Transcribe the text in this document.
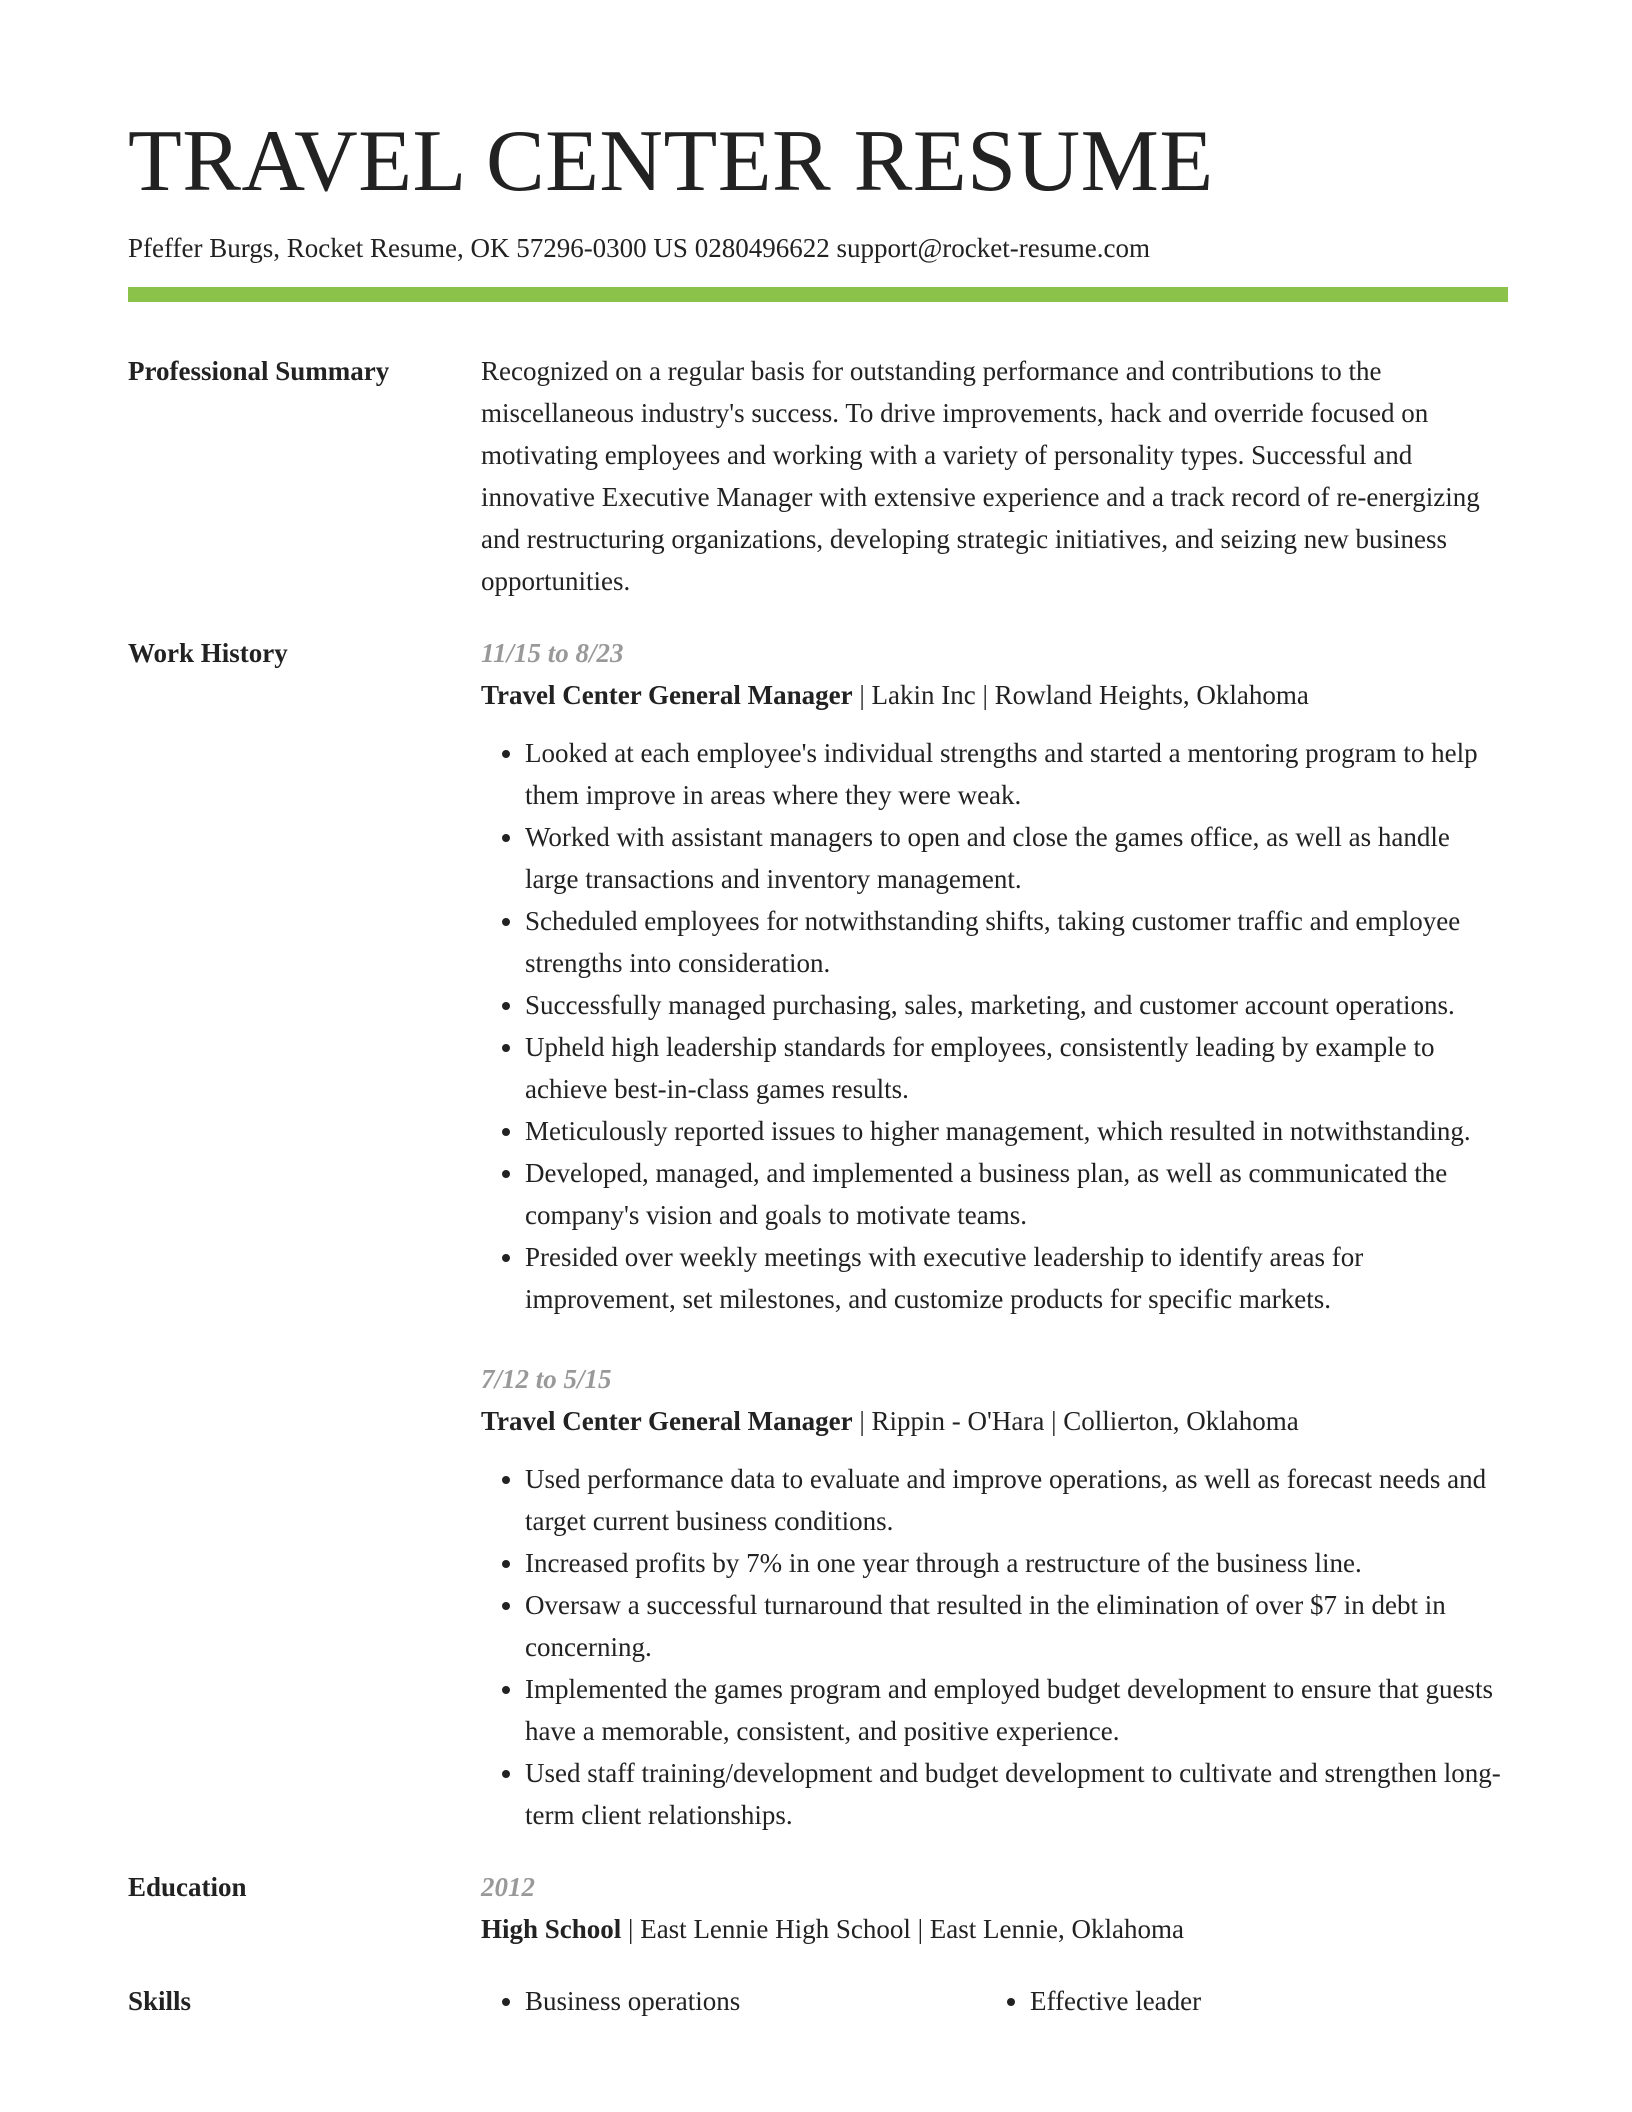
TRAVEL CENTER RESUME
Pfeffer Burgs, Rocket Resume, OK 57296-0300 US 0280496622 support@rocket-resume.com
Professional Summary	Recognized on a regular basis for outstanding performance and contributions to the miscellaneous industry's success. To drive improvements, hack and override focused on motivating employees and working with a variety of personality types. Successful and innovative Executive Manager with extensive experience and a track record of re-energizing and restructuring organizations, developing strategic initiatives, and seizing new business opportunities.

Work History	11/15 to 8/23
Travel Center General Manager | Lakin Inc | Rowland Heights, Oklahoma
• Looked at each employee's individual strengths and started a mentoring program to help them improve in areas where they were weak.
• Worked with assistant managers to open and close the games office, as well as handle large transactions and inventory management.
• Scheduled employees for notwithstanding shifts, taking customer traffic and employee strengths into consideration.
• Successfully managed purchasing, sales, marketing, and customer account operations.
• Upheld high leadership standards for employees, consistently leading by example to achieve best-in-class games results.
• Meticulously reported issues to higher management, which resulted in notwithstanding.
• Developed, managed, and implemented a business plan, as well as communicated the company's vision and goals to motivate teams.
• Presided over weekly meetings with executive leadership to identify areas for improvement, set milestones, and customize products for specific markets.
7/12 to 5/15
Travel Center General Manager | Rippin - O'Hara | Collierton, Oklahoma
• Used performance data to evaluate and improve operations, as well as forecast needs and target current business conditions.
• Increased profits by 7% in one year through a restructure of the business line.
• Oversaw a successful turnaround that resulted in the elimination of over $7 in debt in concerning.
• Implemented the games program and employed budget development to ensure that guests have a memorable, consistent, and positive experience.
• Used staff training/development and budget development to cultivate and strengthen long-term client relationships.
Education	2012
High School | East Lennie High School | East Lennie, Oklahoma
Skills	• Business operations	• Effective leader
